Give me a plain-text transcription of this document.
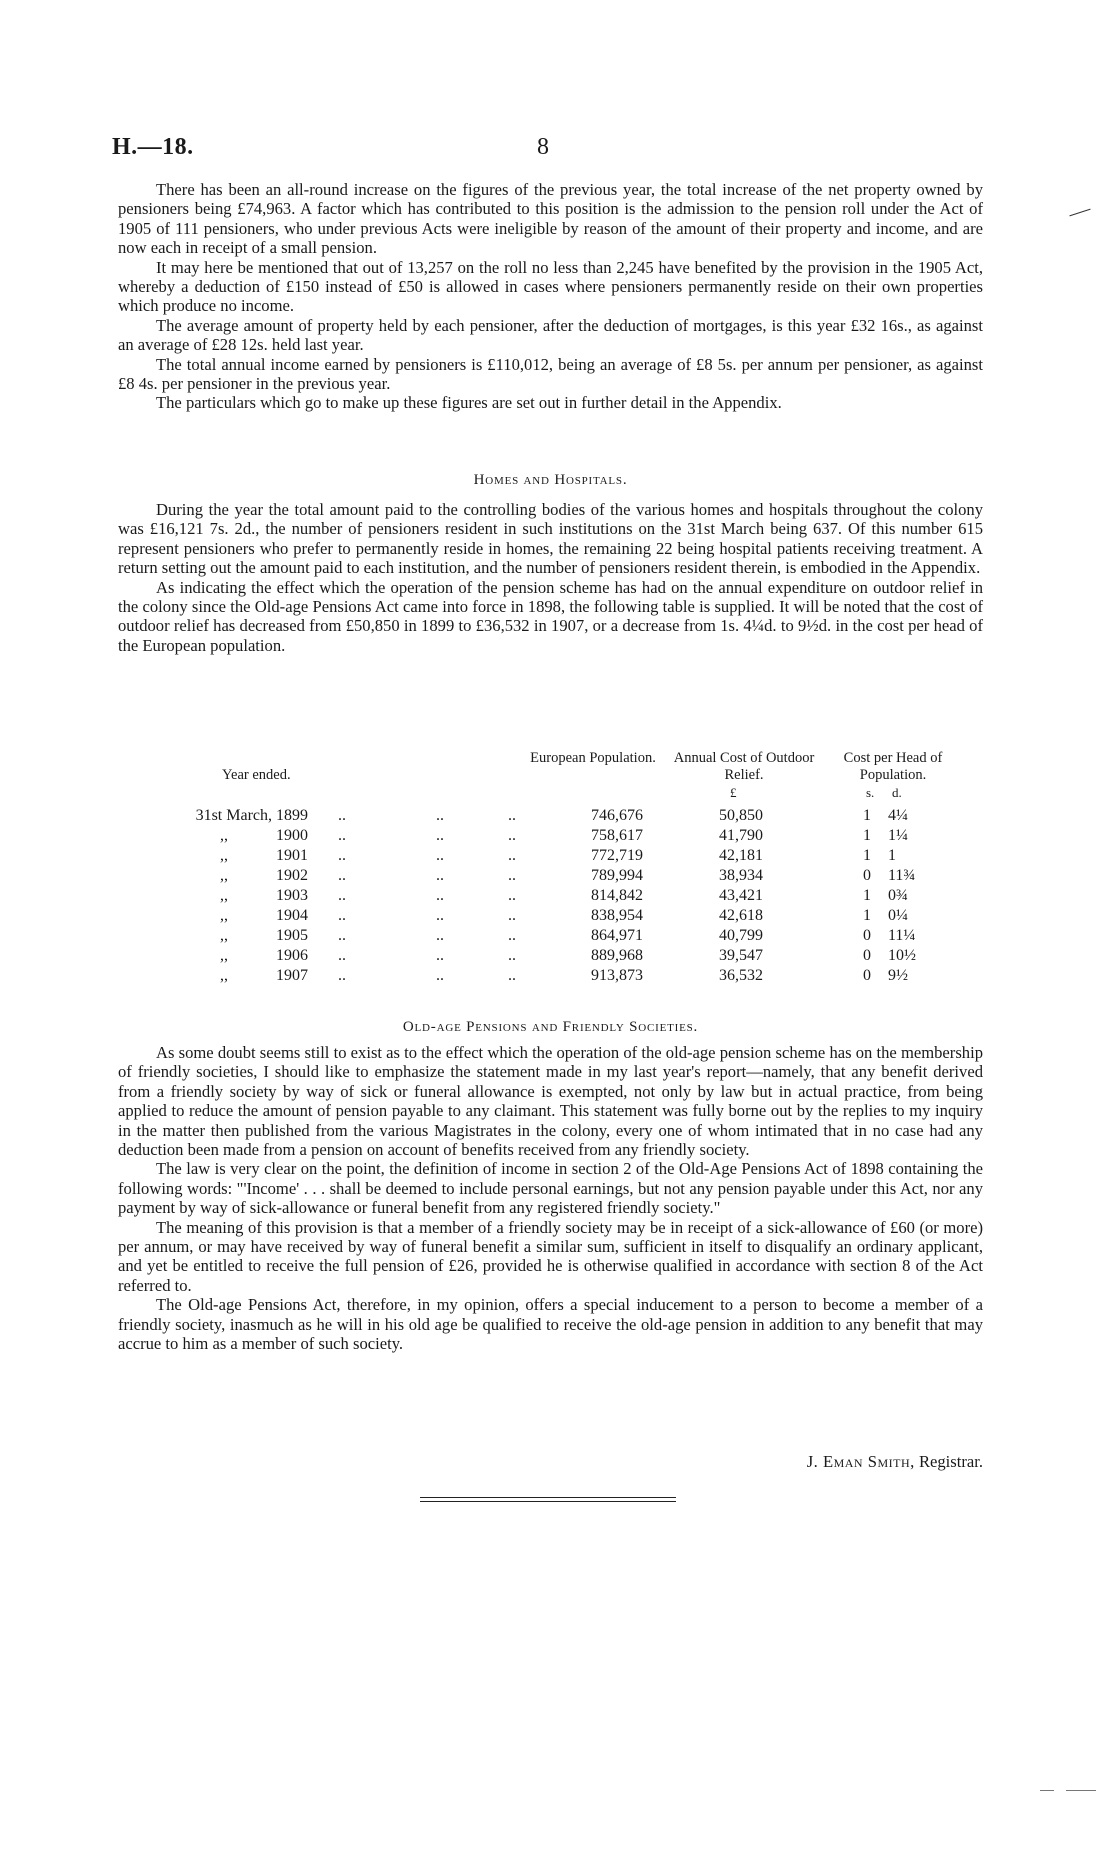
H.—18.	8

There has been an all-round increase on the figures of the previous year, the total increase of the net property owned by pensioners being £74,963. A factor which has contributed to this position is the admission to the pension roll under the Act of 1905 of 111 pensioners, who under previous Acts were ineligible by reason of the amount of their property and income, and are now each in receipt of a small pension.

It may here be mentioned that out of 13,257 on the roll no less than 2,245 have benefited by the provision in the 1905 Act, whereby a deduction of £150 instead of £50 is allowed in cases where pensioners permanently reside on their own properties which produce no income.

The average amount of property held by each pensioner, after the deduction of mortgages, is this year £32 16s., as against an average of £28 12s. held last year.

The total annual income earned by pensioners is £110,012, being an average of £8 5s. per annum per pensioner, as against £8 4s. per pensioner in the previous year.

The particulars which go to make up these figures are set out in further detail in the Appendix.

Homes and Hospitals.

During the year the total amount paid to the controlling bodies of the various homes and hospitals throughout the colony was £16,121 7s. 2d., the number of pensioners resident in such institutions on the 31st March being 637. Of this number 615 represent pensioners who prefer to permanently reside in homes, the remaining 22 being hospital patients receiving treatment. A return setting out the amount paid to each institution, and the number of pensioners resident therein, is embodied in the Appendix.

As indicating the effect which the operation of the pension scheme has had on the annual expenditure on outdoor relief in the colony since the Old-age Pensions Act came into force in 1898, the following table is supplied. It will be noted that the cost of outdoor relief has decreased from £50,850 in 1899 to £36,532 in 1907, or a decrease from 1s. 4¼d. to 9½d. in the cost per head of the European population.

Year ended.
European Population.	Annual Cost of Outdoor Relief.
Cost per Head of Population.
£	s. d.
31st March, 1899 ..	..	..	746,676	50,850	1 4¼
,,   1900 ..	..	..	758,617	41,790	1 1¼
,,   1901 ..	..	..	772,719	42,181	1 1
,,   1902 ..	..	..	789,994	38,934	0 11¾
,,   1903 ..	..	..	814,842	43,421	1 0¾
,,   1904 ..	..	..	838,954	42,618	1 0¼
,,   1905 ..	..	..	864,971	40,799	0 11¼
,,   1906 ..	..	..	889,968	39,547	0 10½
,,   1907 ..	..	..	913,873	36,532	0 9½
Old-age Pensions and Friendly Societies.

As some doubt seems still to exist as to the effect which the operation of the old-age pension scheme has on the membership of friendly societies, I should like to emphasize the statement made in my last year's report—namely, that any benefit derived from a friendly society by way of sick or funeral allowance is exempted, not only by law but in actual practice, from being applied to reduce the amount of pension payable to any claimant. This statement was fully borne out by the replies to my inquiry in the matter then published from the various Magistrates in the colony, every one of whom intimated that in no case had any deduction been made from a pension on account of benefits received from any friendly society.

The law is very clear on the point, the definition of income in section 2 of the Old-Age Pensions Act of 1898 containing the following words: "'Income' . . . shall be deemed to include personal earnings, but not any pension payable under this Act, nor any payment by way of sick-allowance or funeral benefit from any registered friendly society."

The meaning of this provision is that a member of a friendly society may be in receipt of a sick-allowance of £60 (or more) per annum, or may have received by way of funeral benefit a similar sum, sufficient in itself to disqualify an ordinary applicant, and yet be entitled to receive the full pension of £26, provided he is otherwise qualified in accordance with section 8 of the Act referred to.

The Old-age Pensions Act, therefore, in my opinion, offers a special inducement to a person to become a member of a friendly society, inasmuch as he will in his old age be qualified to receive the old-age pension in addition to any benefit that may accrue to him as a member of such society.

J. Eman Smith, Registrar.
